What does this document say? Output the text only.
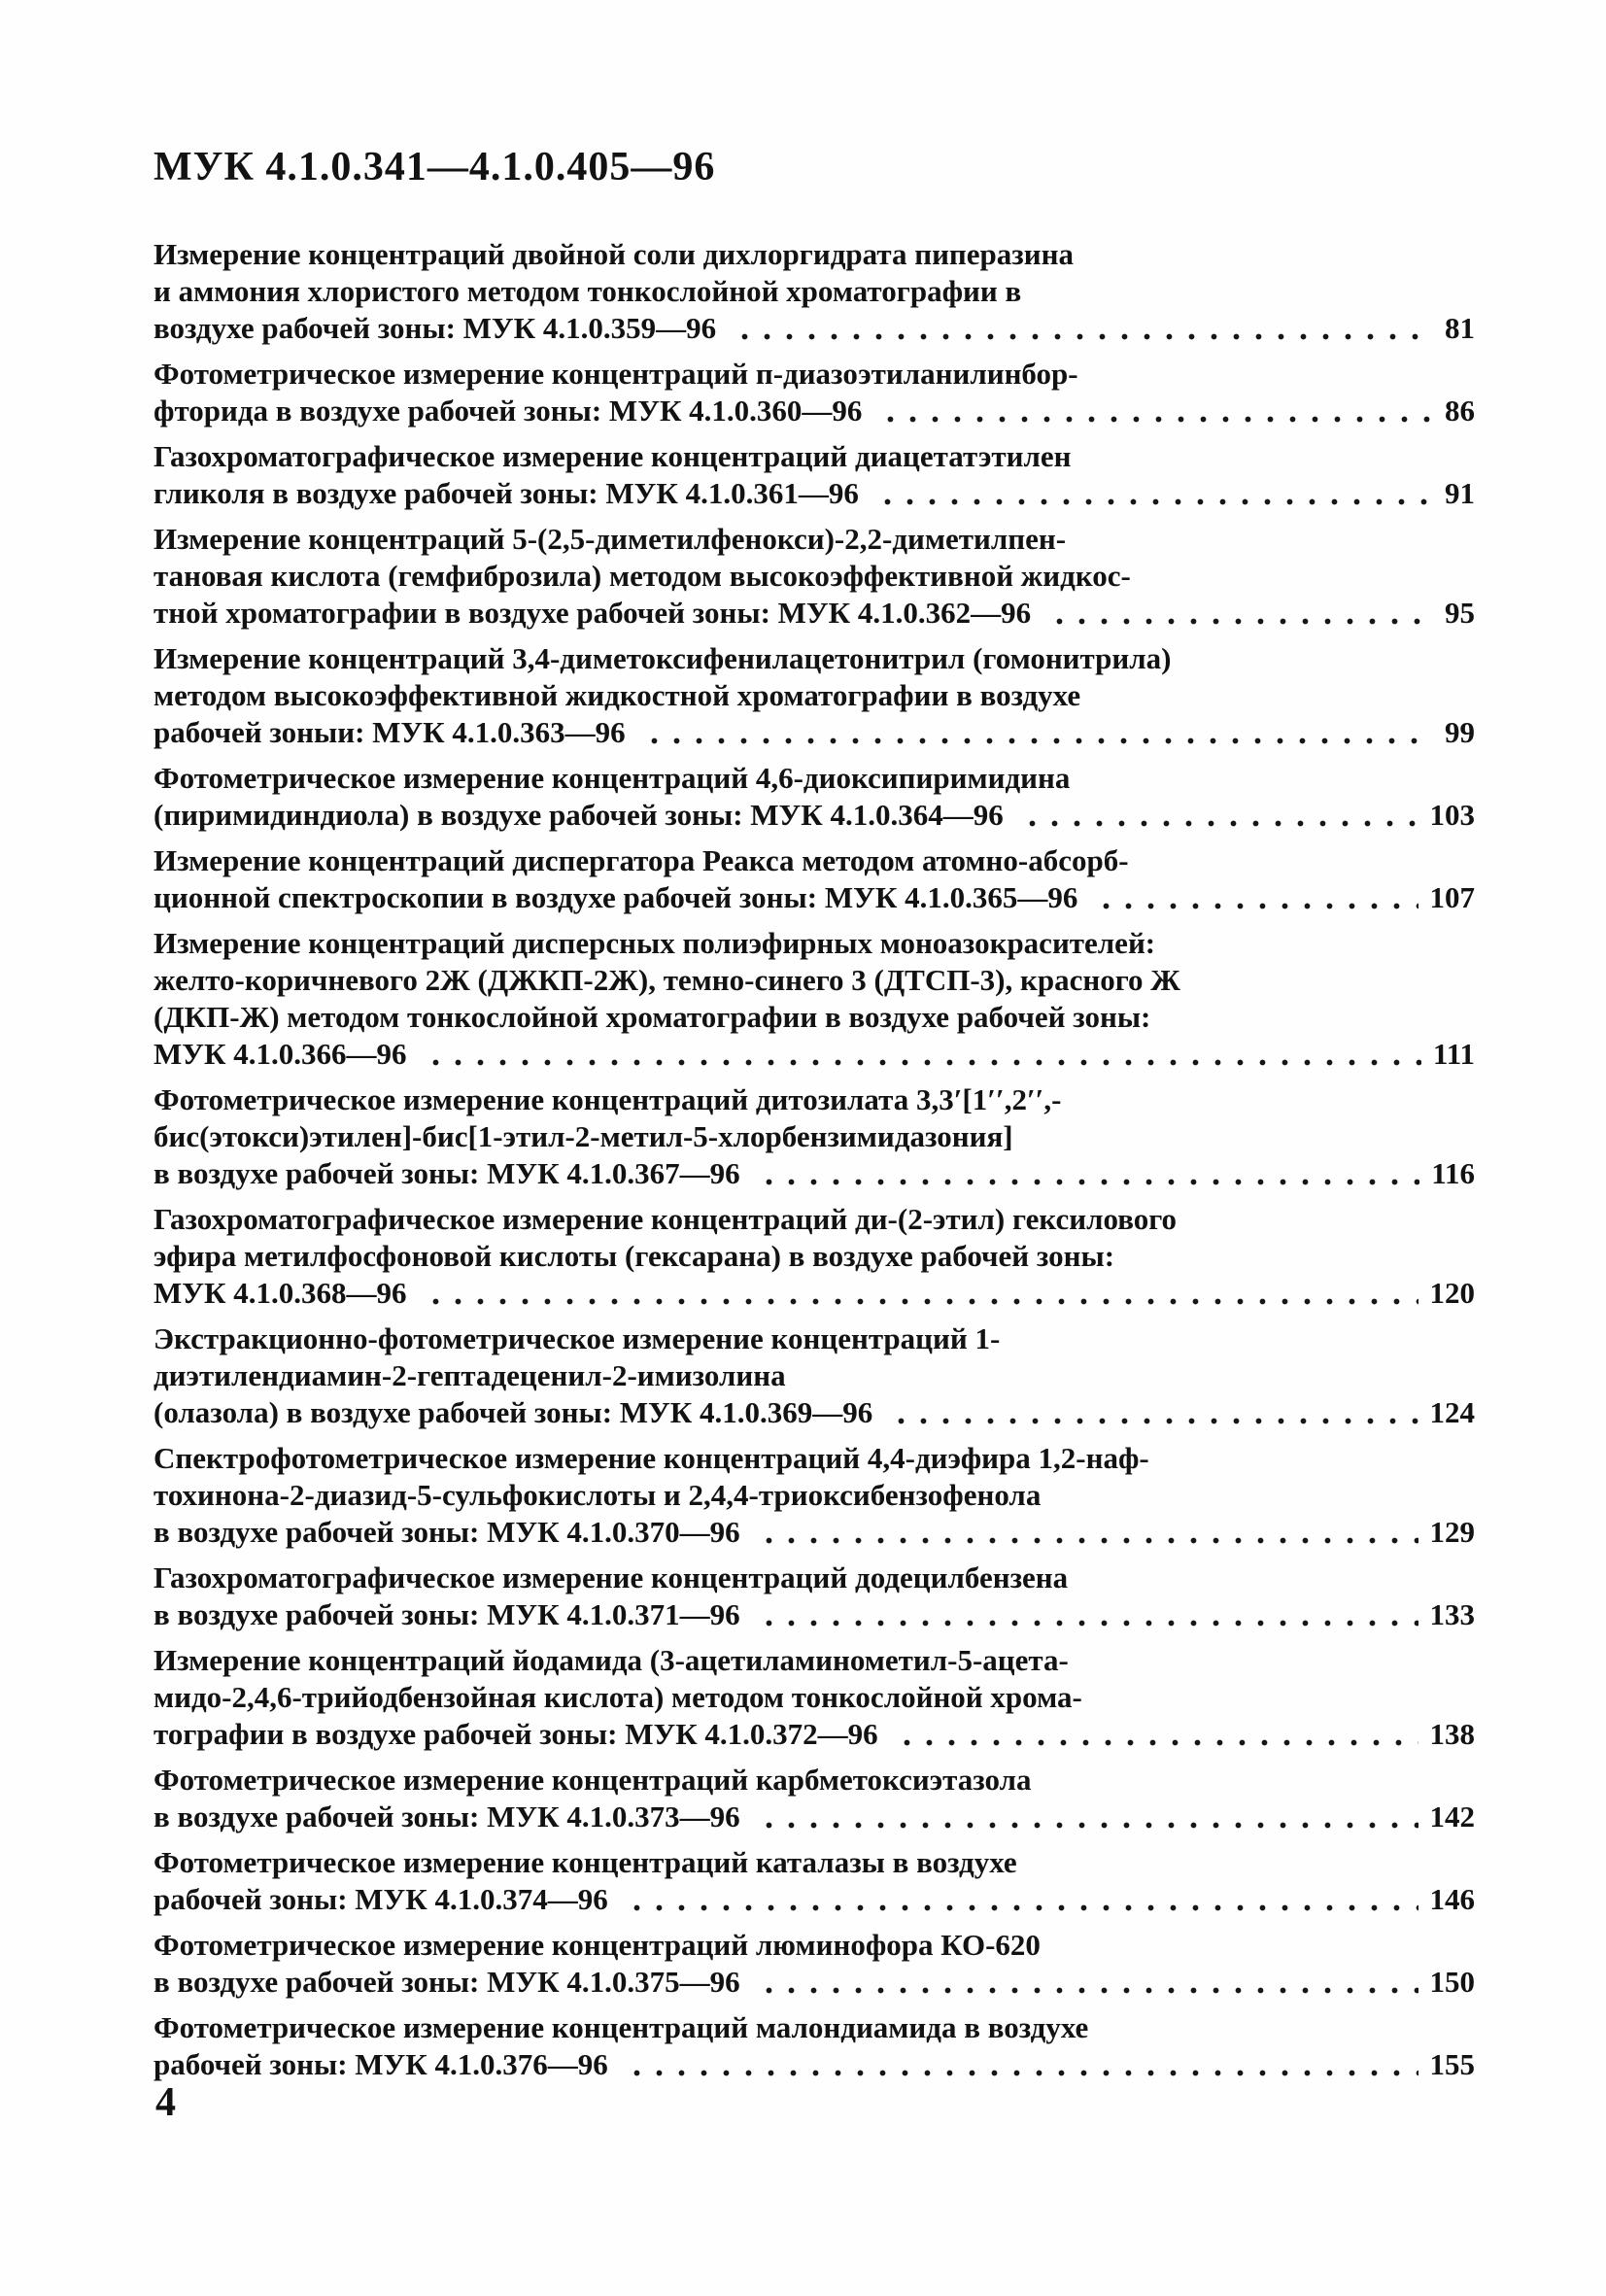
МУК 4.1.0.341—4.1.0.405—96
Измерение концентраций двойной соли дихлоргидрата пиперазина
и аммония хлористого методом тонкослойной хроматографии в
воздухе рабочей зоны: МУК 4.1.0.359—96	81
Фотометрическое измерение концентраций п-диазоэтиланилинбор-
фторида в воздухе рабочей зоны: МУК 4.1.0.360—96	86
Газохроматографическое измерение концентраций диацетатэтилен
гликоля в воздухе рабочей зоны: МУК 4.1.0.361—96	91
Измерение концентраций 5-(2,5-диметилфенокси)-2,2-диметилпен-
тановая кислота (гемфиброзила) методом высокоэффективной жидкос-
тной хроматографии в воздухе рабочей зоны: МУК 4.1.0.362—96	95
Измерение концентраций 3,4-диметоксифенилацетонитрил (гомонитрила)
методом высокоэффективной жидкостной хроматографии в воздухе
рабочей зоныи: МУК 4.1.0.363—96	99
Фотометрическое измерение концентраций 4,6-диоксипиримидина
(пиримидиндиола) в воздухе рабочей зоны: МУК 4.1.0.364—96	103
Измерение концентраций диспергатора Реакса методом атомно-абсорб-
ционной спектроскопии в воздухе рабочей зоны: МУК 4.1.0.365—96	107
Измерение концентраций дисперсных полиэфирных моноазокрасителей:
желто-коричневого 2Ж (ДЖКП-2Ж), темно-синего 3 (ДТСП-3), красного Ж
(ДКП-Ж) методом тонкослойной хроматографии в воздухе рабочей зоны:
МУК 4.1.0.366—96	111
Фотометрическое измерение концентраций дитозилата 3,3′[1′′,2′′,-
бис(этокси)этилен]-бис[1-этил-2-метил-5-хлорбензимидазония]
в воздухе рабочей зоны: МУК 4.1.0.367—96	116
Газохроматографическое измерение концентраций ди-(2-этил) гексилового
эфира метилфосфоновой кислоты (гексарана) в воздухе рабочей зоны:
МУК 4.1.0.368—96	120
Экстракционно-фотометрическое измерение концентраций 1-
диэтилендиамин-2-гептадеценил-2-имизолина
(олазола) в воздухе рабочей зоны: МУК 4.1.0.369—96	124
Спектрофотометрическое измерение концентраций 4,4-диэфира 1,2-наф-
тохинона-2-диазид-5-сульфокислоты и 2,4,4-триоксибензофенола
в воздухе рабочей зоны: МУК 4.1.0.370—96	129
Газохроматографическое измерение концентраций додецилбензена
в воздухе рабочей зоны: МУК 4.1.0.371—96	133
Измерение концентраций йодамида (3-ацетиламинометил-5-ацета-
мидо-2,4,6-трийодбензойная кислота) методом тонкослойной хрома-
тографии в воздухе рабочей зоны: МУК 4.1.0.372—96	138
Фотометрическое измерение концентраций карбметоксиэтазола
в воздухе рабочей зоны: МУК 4.1.0.373—96	142
Фотометрическое измерение концентраций каталазы в воздухе
рабочей зоны: МУК 4.1.0.374—96	146
Фотометрическое измерение концентраций люминофора КО-620
в воздухе рабочей зоны: МУК 4.1.0.375—96	150
Фотометрическое измерение концентраций малондиамида в воздухе
рабочей зоны: МУК 4.1.0.376—96	155
4
